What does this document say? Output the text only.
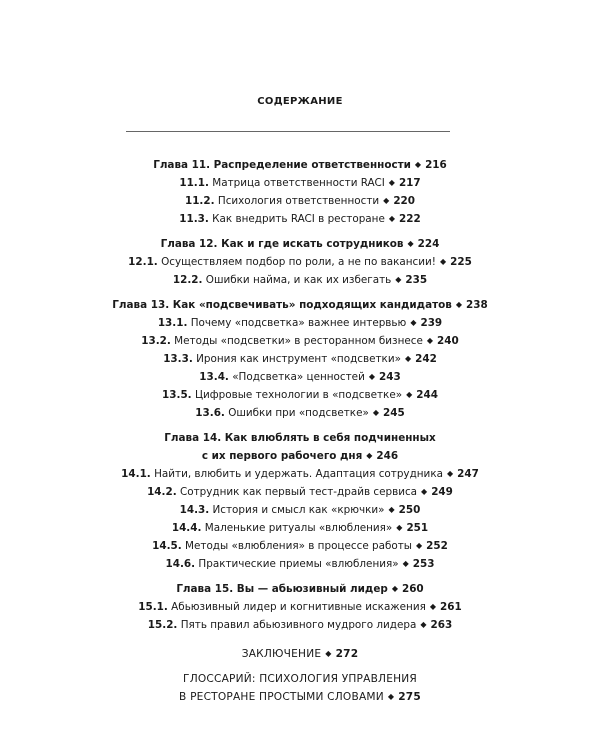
СОДЕРЖАНИЕ
Глава 11. Распределение ответственности ◆ 216
11.1. Матрица ответственности RACI ◆ 217
11.2. Психология ответственности ◆ 220
11.3. Как внедрить RACI в ресторане ◆ 222
Глава 12. Как и где искать сотрудников ◆ 224
12.1. Осуществляем подбор по роли, а не по вакансии! ◆ 225
12.2. Ошибки найма, и как их избегать ◆ 235
Глава 13. Как «подсвечивать» подходящих кандидатов ◆ 238
13.1. Почему «подсветка» важнее интервью ◆ 239
13.2. Методы «подсветки» в ресторанном бизнесе ◆ 240
13.3. Ирония как инструмент «подсветки» ◆ 242
13.4. «Подсветка» ценностей ◆ 243
13.5. Цифровые технологии в «подсветке» ◆ 244
13.6. Ошибки при «подсветке» ◆ 245
Глава 14. Как влюблять в себя подчиненных
с их первого рабочего дня ◆ 246
14.1. Найти, влюбить и удержать. Адаптация сотрудника ◆ 247
14.2. Сотрудник как первый тест-драйв сервиса ◆ 249
14.3. История и смысл как «крючки» ◆ 250
14.4. Маленькие ритуалы «влюбления» ◆ 251
14.5. Методы «влюбления» в процессе работы ◆ 252
14.6. Практические приемы «влюбления» ◆ 253
Глава 15. Вы — абьюзивный лидер ◆ 260
15.1. Абьюзивный лидер и когнитивные искажения ◆ 261
15.2. Пять правил абьюзивного мудрого лидера ◆ 263
ЗАКЛЮЧЕНИЕ ◆ 272
ГЛОССАРИЙ: ПСИХОЛОГИЯ УПРАВЛЕНИЯ
В РЕСТОРАНЕ ПРОСТЫМИ СЛОВАМИ ◆ 275
